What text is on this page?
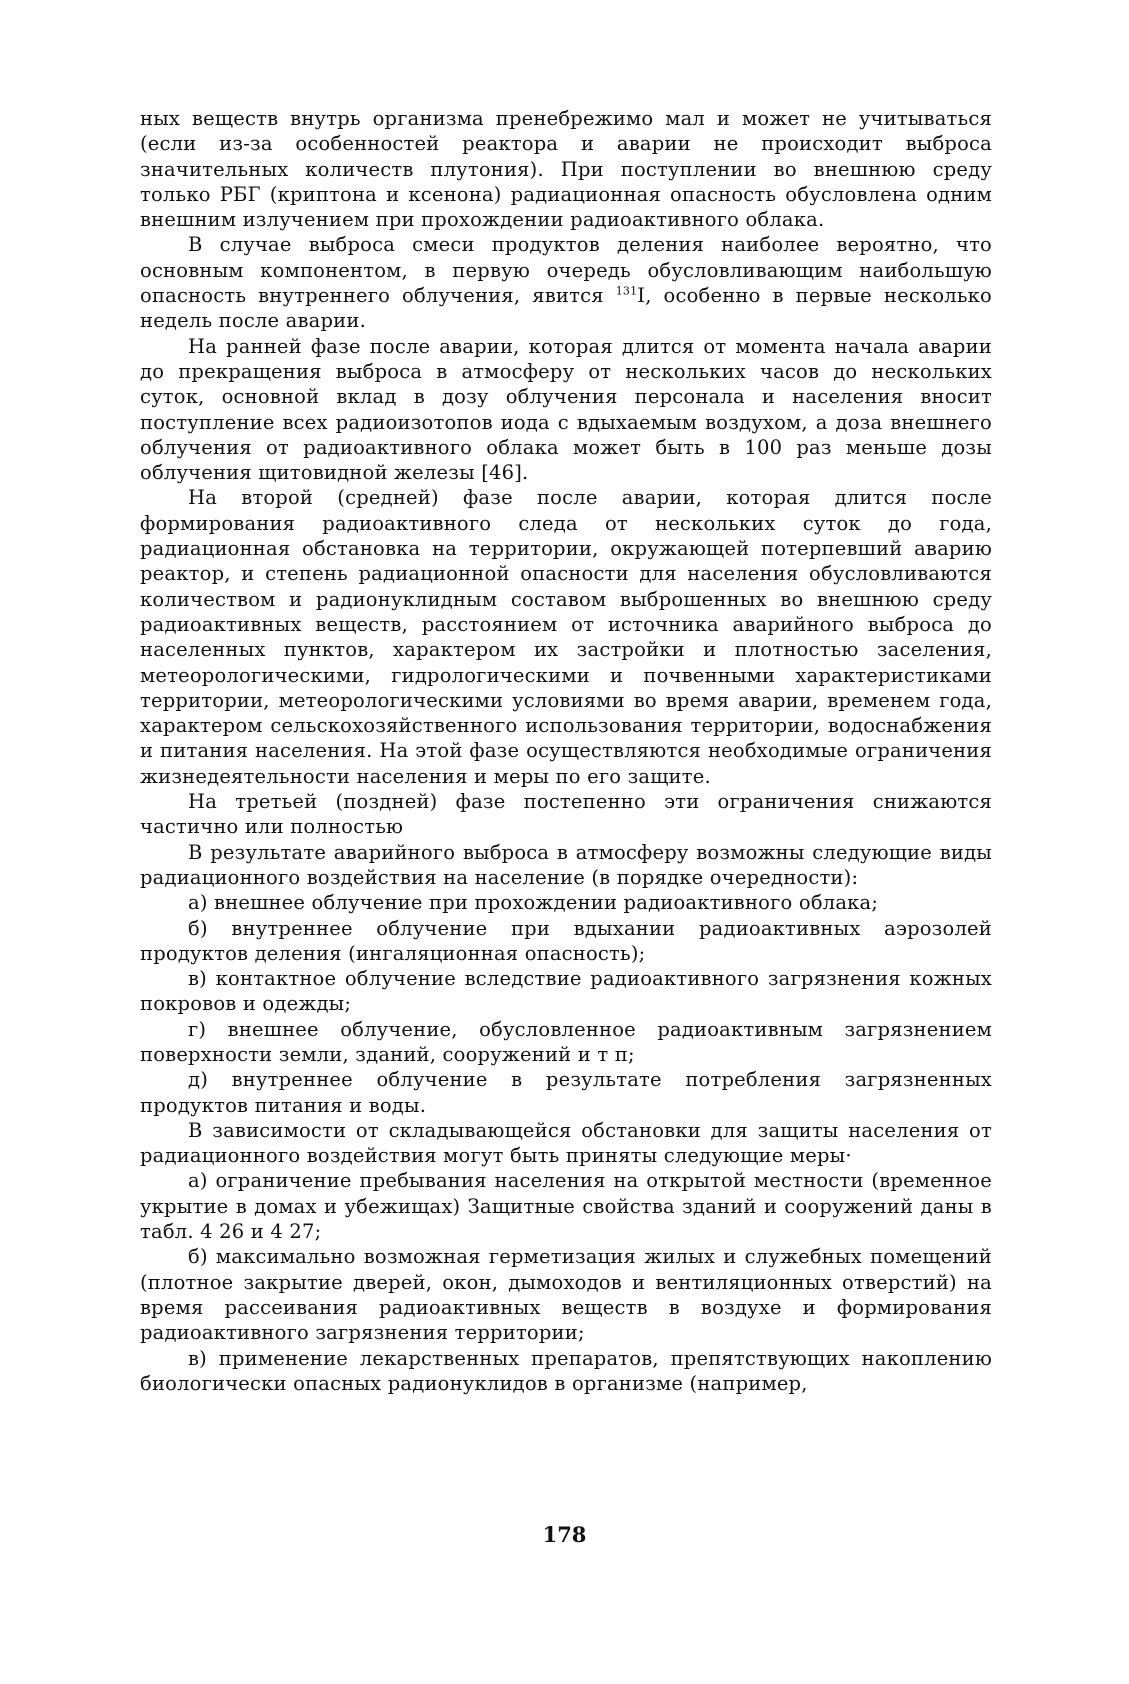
ных веществ внутрь организма пренебрежимо мал и может не учитываться (если из-за особенностей реактора и аварии не происходит выброса значительных количеств плутония). При поступлении во внешнюю среду только РБГ (криптона и ксенона) радиационная опасность обусловлена одним внешним излучением при прохождении радиоактивного облака.

В случае выброса смеси продуктов деления наиболее вероятно, что основным компонентом, в первую очередь обусловливающим наибольшую опасность внутреннего облучения, явится $^{131}$I, особенно в первые несколько недель после аварии.

На ранней фазе после аварии, которая длится от момента начала аварии до прекращения выброса в атмосферу от нескольких часов до нескольких суток, основной вклад в дозу облучения персонала и населения вносит поступление всех радиоизотопов иода с вдыхаемым воздухом, а доза внешнего облучения от радиоактивного облака может быть в 100 раз меньше дозы облучения щитовидной железы [46].

На второй (средней) фазе после аварии, которая длится после формирования радиоактивного следа от нескольких суток до года, радиационная обстановка на территории, окружающей потерпевший аварию реактор, и степень радиационной опасности для населения обусловливаются количеством и радионуклидным составом выброшенных во внешнюю среду радиоактивных веществ, расстоянием от источника аварийного выброса до населенных пунктов, характером их застройки и плотностью заселения, метеорологическими, гидрологическими и почвенными характеристиками территории, метеорологическими условиями во время аварии, временем года, характером сельскохозяйственного использования территории, водоснабжения и питания населения. На этой фазе осуществляются необходимые ограничения жизнедеятельности населения и меры по его защите.

На третьей (поздней) фазе постепенно эти ограничения снижаются частично или полностью

В результате аварийного выброса в атмосферу возможны следующие виды радиационного воздействия на население (в порядке очередности):

а) внешнее облучение при прохождении радиоактивного облака;

б) внутреннее облучение при вдыхании радиоактивных аэрозолей продуктов деления (ингаляционная опасность);

в) контактное облучение вследствие радиоактивного загрязнения кожных покровов и одежды;

г) внешнее облучение, обусловленное радиоактивным загрязнением поверхности земли, зданий, сооружений и т п;

д) внутреннее облучение в результате потребления загрязненных продуктов питания и воды.

В зависимости от складывающейся обстановки для защиты населения от радиационного воздействия могут быть приняты следующие меры·

а) ограничение пребывания населения на открытой местности (временное укрытие в домах и убежищах) Защитные свойства зданий и сооружений даны в табл. 4 26 и 4 27;

б) максимально возможная герметизация жилых и служебных помещений (плотное закрытие дверей, окон, дымоходов и вентиляционных отверстий) на время рассеивания радиоактивных веществ в воздухе и формирования радиоактивного загрязнения территории;

в) применение лекарственных препаратов, препятствующих накоплению биологически опасных радионуклидов в организме (например,

178
